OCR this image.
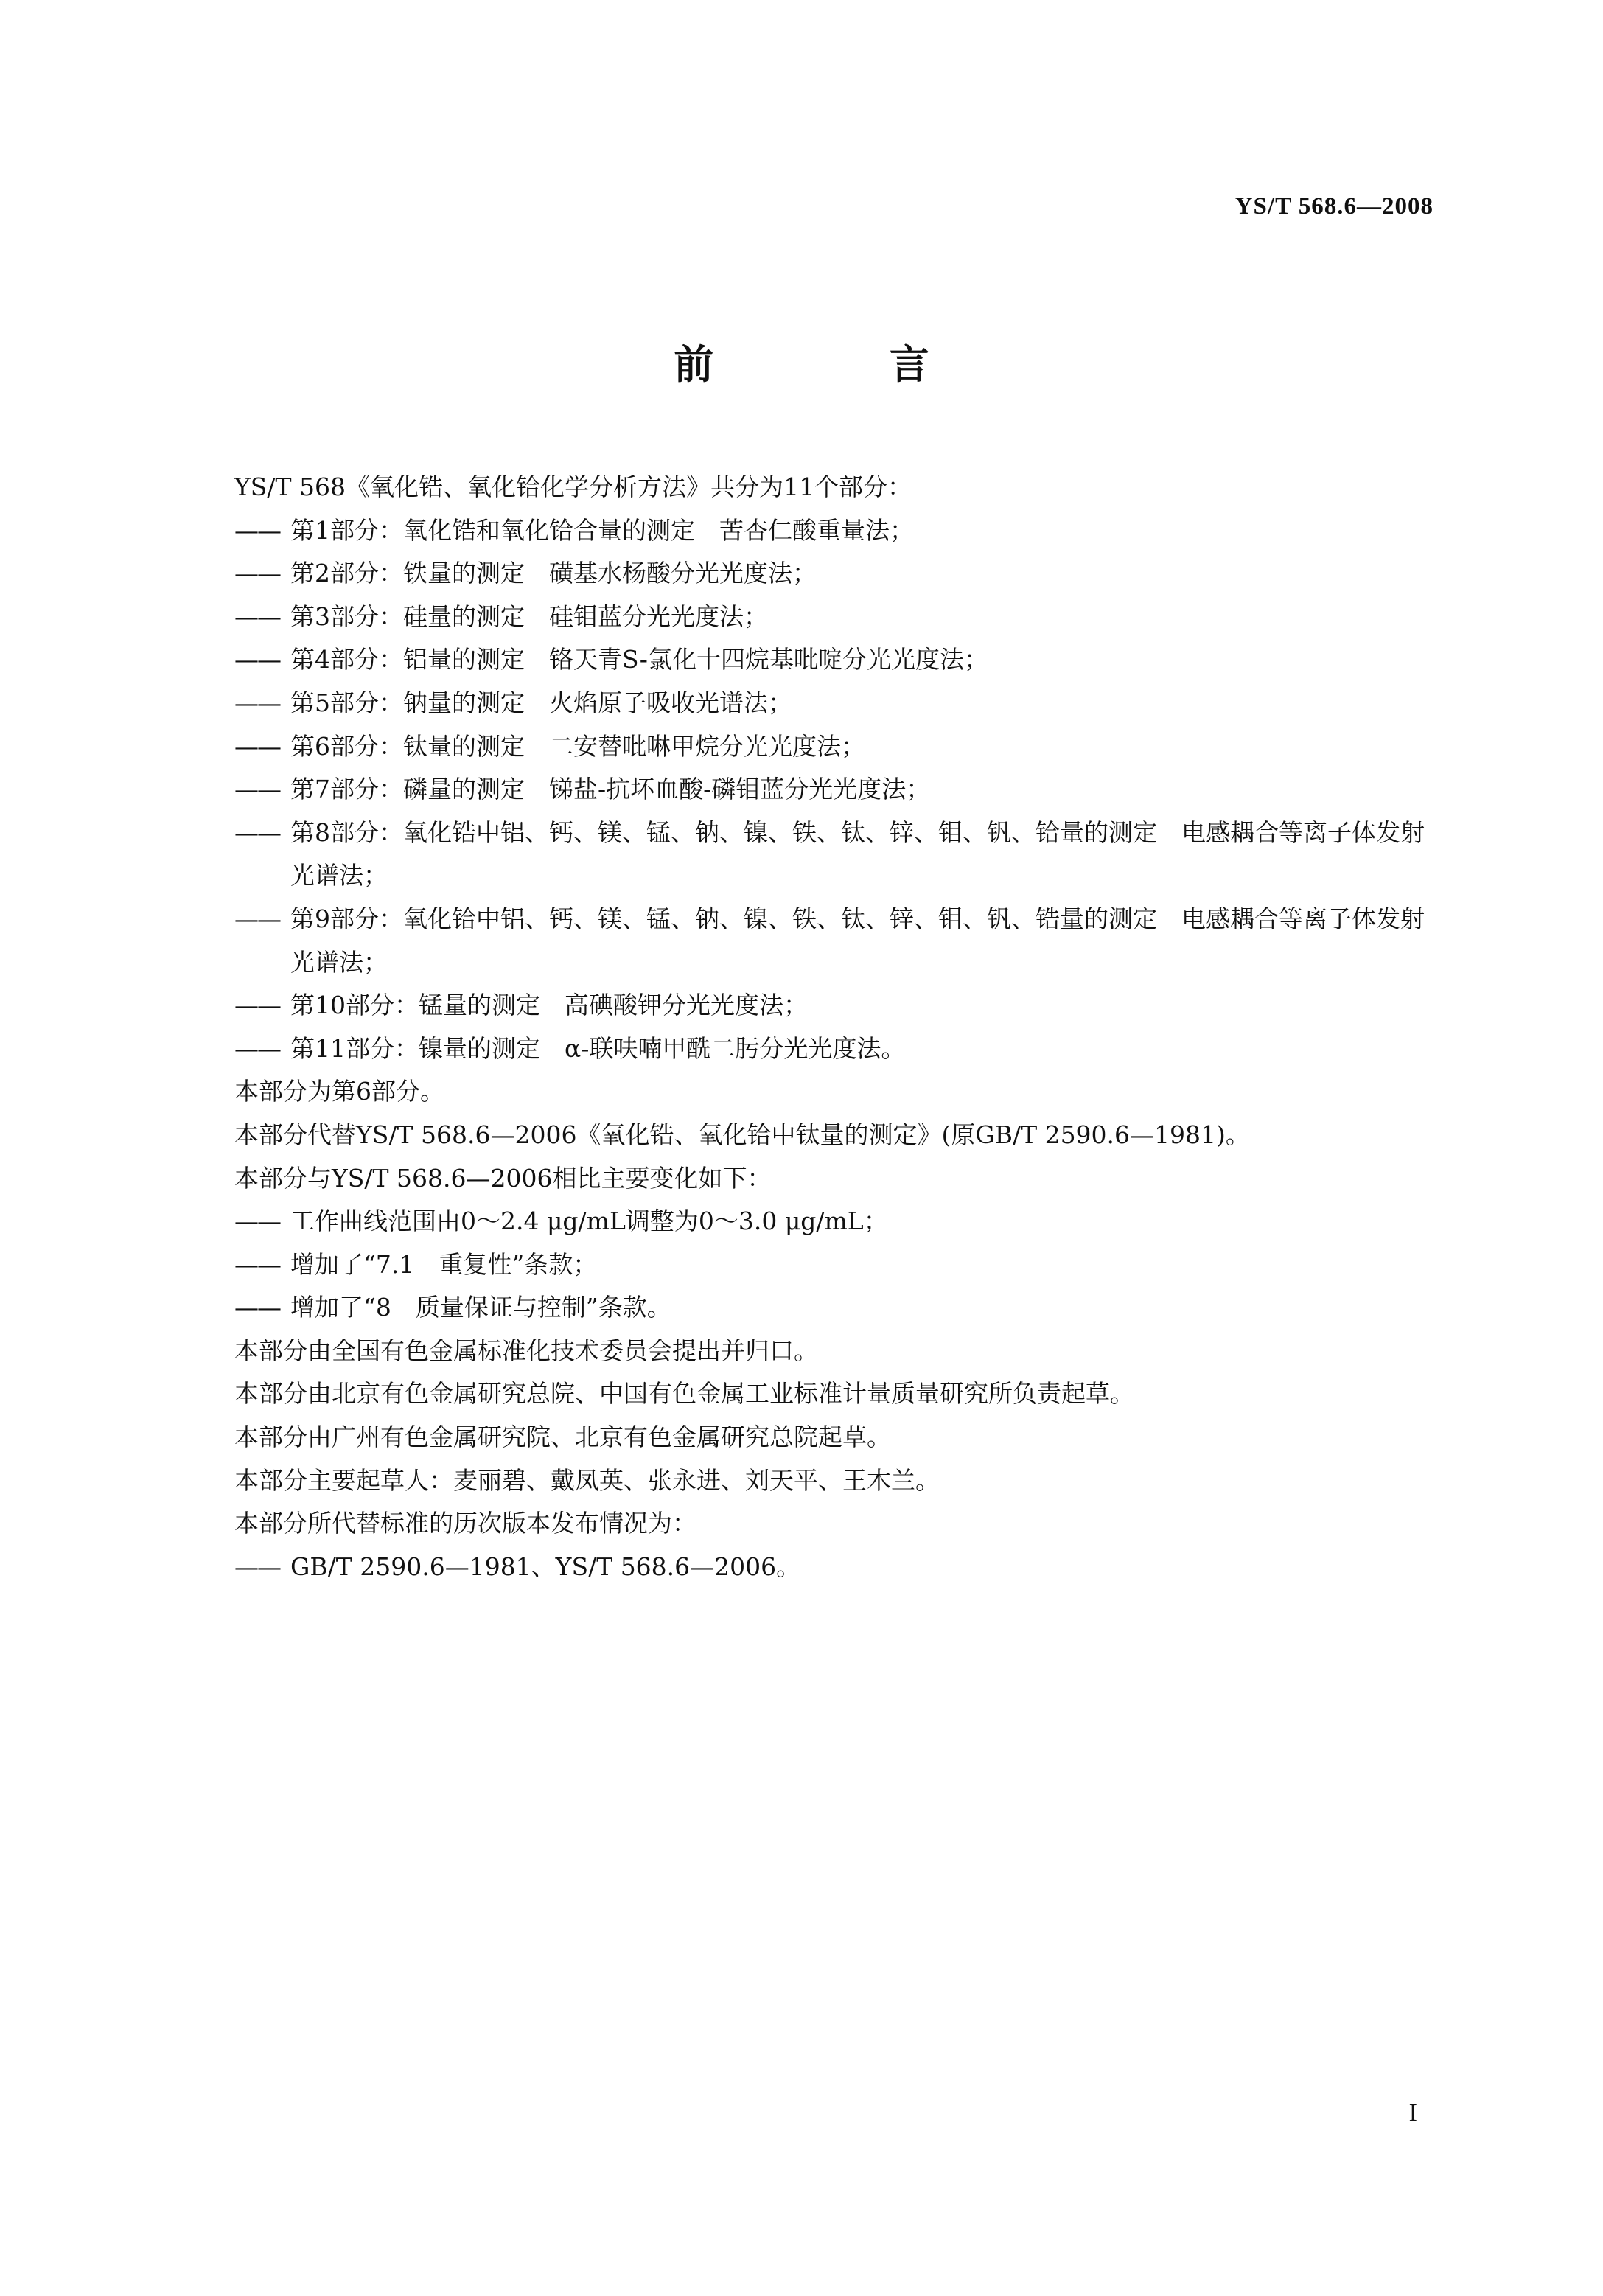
YS/T 568.6—2008
前 言

YS/T 568《氧化锆、氧化铪化学分析方法》共分为11个部分：

—— 第1部分：氧化锆和氧化铪合量的测定　苦杏仁酸重量法；

—— 第2部分：铁量的测定　磺基水杨酸分光光度法；

—— 第3部分：硅量的测定　硅钼蓝分光光度法；

—— 第4部分：铝量的测定　铬天青S-氯化十四烷基吡啶分光光度法；

—— 第5部分：钠量的测定　火焰原子吸收光谱法；

—— 第6部分：钛量的测定　二安替吡啉甲烷分光光度法；

—— 第7部分：磷量的测定　锑盐-抗坏血酸-磷钼蓝分光光度法；

—— 第8部分：氧化锆中铝、钙、镁、锰、钠、镍、铁、钛、锌、钼、钒、铪量的测定　电感耦合等离子体发射光谱法；

—— 第9部分：氧化铪中铝、钙、镁、锰、钠、镍、铁、钛、锌、钼、钒、锆量的测定　电感耦合等离子体发射光谱法；

—— 第10部分：锰量的测定　高碘酸钾分光光度法；

—— 第11部分：镍量的测定　α-联呋喃甲酰二肟分光光度法。

本部分为第6部分。

本部分代替YS/T 568.6—2006《氧化锆、氧化铪中钛量的测定》(原GB/T 2590.6—1981)。

本部分与YS/T 568.6—2006相比主要变化如下：

—— 工作曲线范围由0～2.4 μg/mL调整为0～3.0 μg/mL；

—— 增加了“7.1　重复性”条款；

—— 增加了“8　质量保证与控制”条款。

本部分由全国有色金属标准化技术委员会提出并归口。

本部分由北京有色金属研究总院、中国有色金属工业标准计量质量研究所负责起草。

本部分由广州有色金属研究院、北京有色金属研究总院起草。

本部分主要起草人：麦丽碧、戴凤英、张永进、刘天平、王木兰。

本部分所代替标准的历次版本发布情况为：

—— GB/T 2590.6—1981、YS/T 568.6—2006。

I
